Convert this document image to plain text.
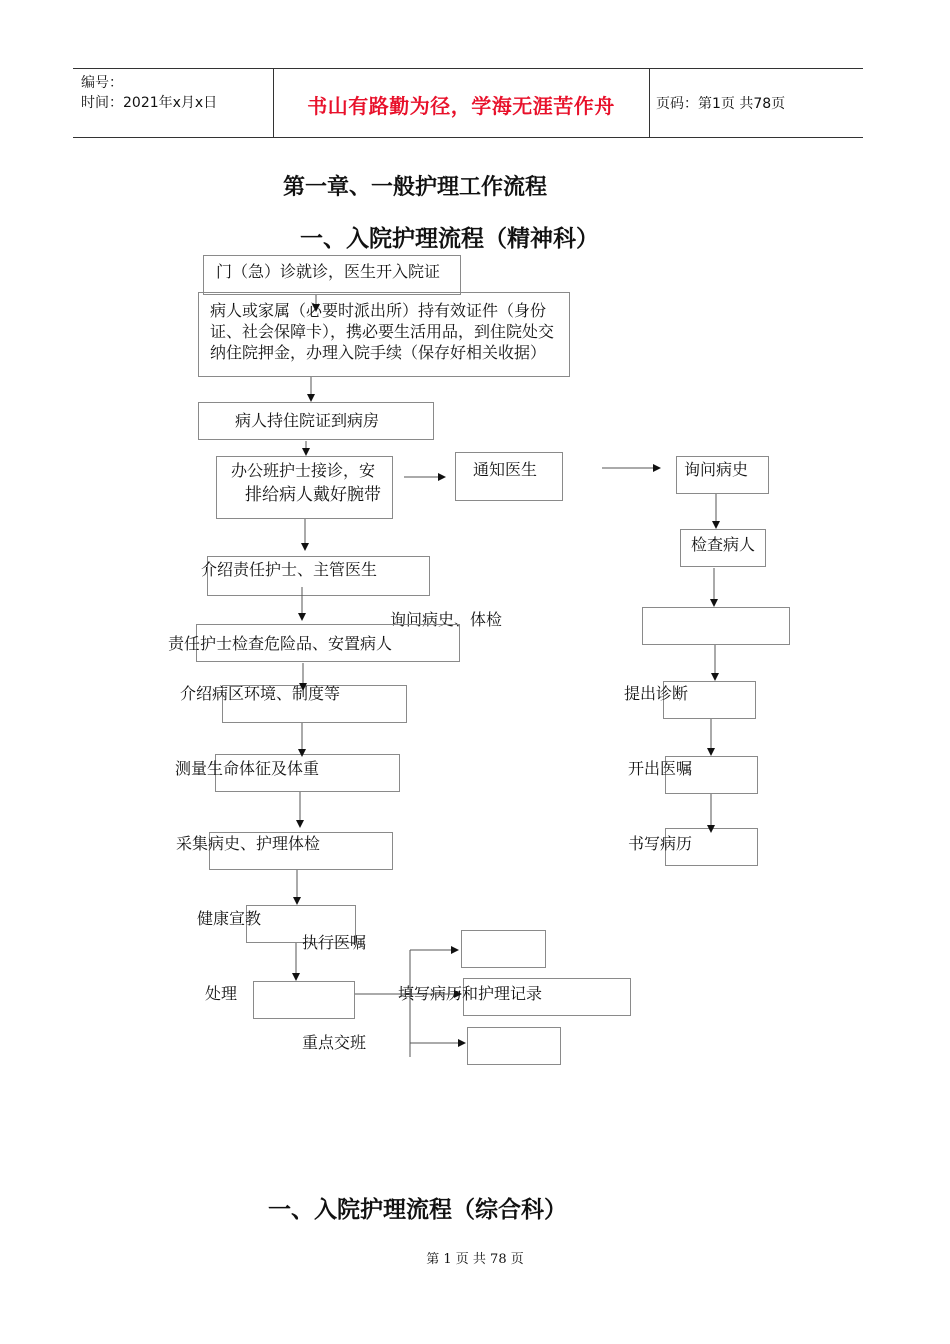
编号：
时间：2021年x月x日	书山有路勤为径，学海无涯苦作舟	页码：第1页 共78页
第一章、一般护理工作流程
一、入院护理流程（精神科）
门（急）诊就诊，医生开入院证
病人或家属（必要时派出所）持有效证件（身份证、社会保障卡），携必要生活用品，到住院处交纳住院押金，办理入院手续（保存好相关收据）
病人持住院证到病房
办公班护士接诊，安
排给病人戴好腕带
通知医生	询问病史
检查病人
提出诊断
开出医嘱
书写病历
介绍责任护士、主管医生
询问病史、体检
责任护士检查危险品、安置病人
介绍病区环境、制度等
测量生命体征及体重
采集病史、护理体检
健康宣教
执行医嘱
处理	填写病历和护理记录
重点交班
一、入院护理流程（综合科）
第 1 页 共 78 页
